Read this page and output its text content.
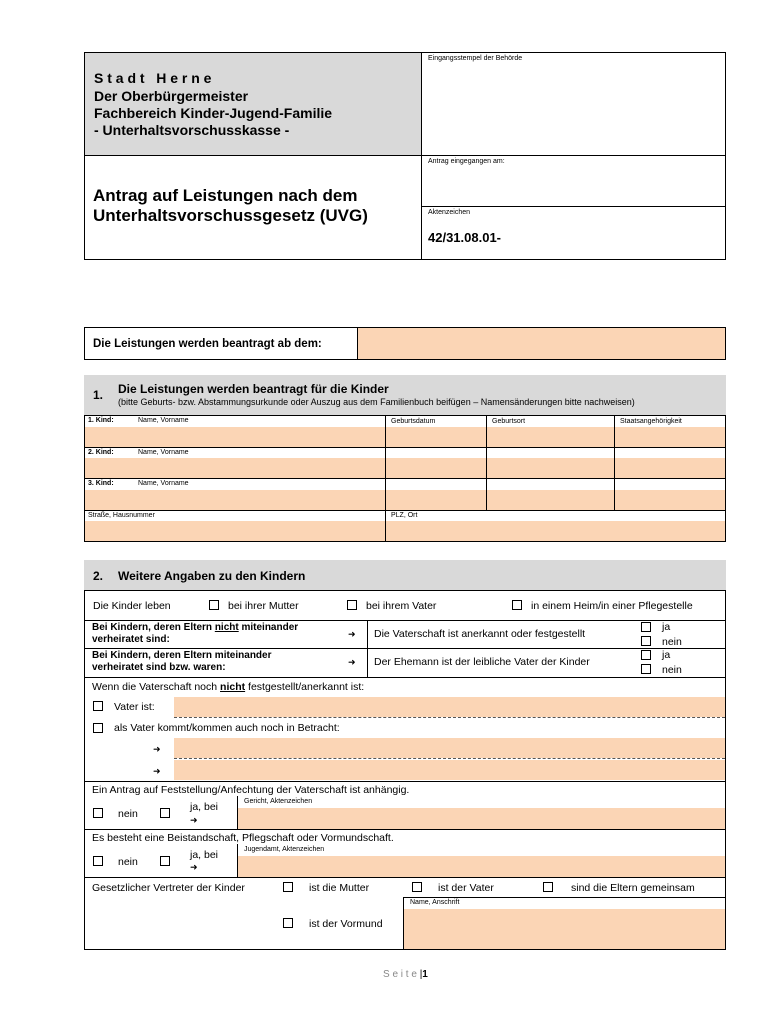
S t a d t   H e r n e
Der Oberbürgermeister
Fachbereich Kinder-Jugend-Familie
- Unterhaltsvorschusskasse -
Eingangsstempel der Behörde
Antrag auf Leistungen nach dem
Unterhaltsvorschussgesetz (UVG)
Antrag eingegangen am:
Aktenzeichen
42/31.08.01-
Die Leistungen werden beantragt ab dem:
1. Die Leistungen werden beantragt für die Kinder
(bitte Geburts- bzw. Abstammungsurkunde oder Auszug aus dem Familienbuch beifügen – Namensänderungen bitte nachweisen)
1. Kind:	Name, Vorname	Geburtsdatum	Geburtsort	Staatsangehörigkeit
2. Kind:	Name, Vorname
3. Kind:	Name, Vorname
Straße, Hausnummer	PLZ, Ort
2. Weitere Angaben zu den Kindern
Die Kinder leben	bei ihrer Mutter	bei ihrem Vater	in einem Heim/in einer Pflegestelle
Bei Kindern, deren Eltern nicht miteinander
verheiratet sind:	➜ Die Vaterschaft ist anerkannt oder festgestellt
ja
nein
Bei Kindern, deren Eltern miteinander
verheiratet sind bzw. waren:	➜ Der Ehemann ist der leibliche Vater der Kinder
ja
nein
Wenn die Vaterschaft noch nicht festgestellt/anerkannt ist:
Vater ist:
als Vater kommt/kommen auch noch in Betracht:
➜
➜
Ein Antrag auf Feststellung/Anfechtung der Vaterschaft ist anhängig.
nein
ja, bei
➜
Gericht, Aktenzeichen
Es besteht eine Beistandschaft, Pflegschaft oder Vormundschaft.
nein
ja, bei
➜
Jugendamt, Aktenzeichen
Gesetzlicher Vertreter der Kinder	ist die Mutter	ist der Vater	sind die Eltern gemeinsam
Name, Anschrift
ist der Vormund
S e i t e |1
